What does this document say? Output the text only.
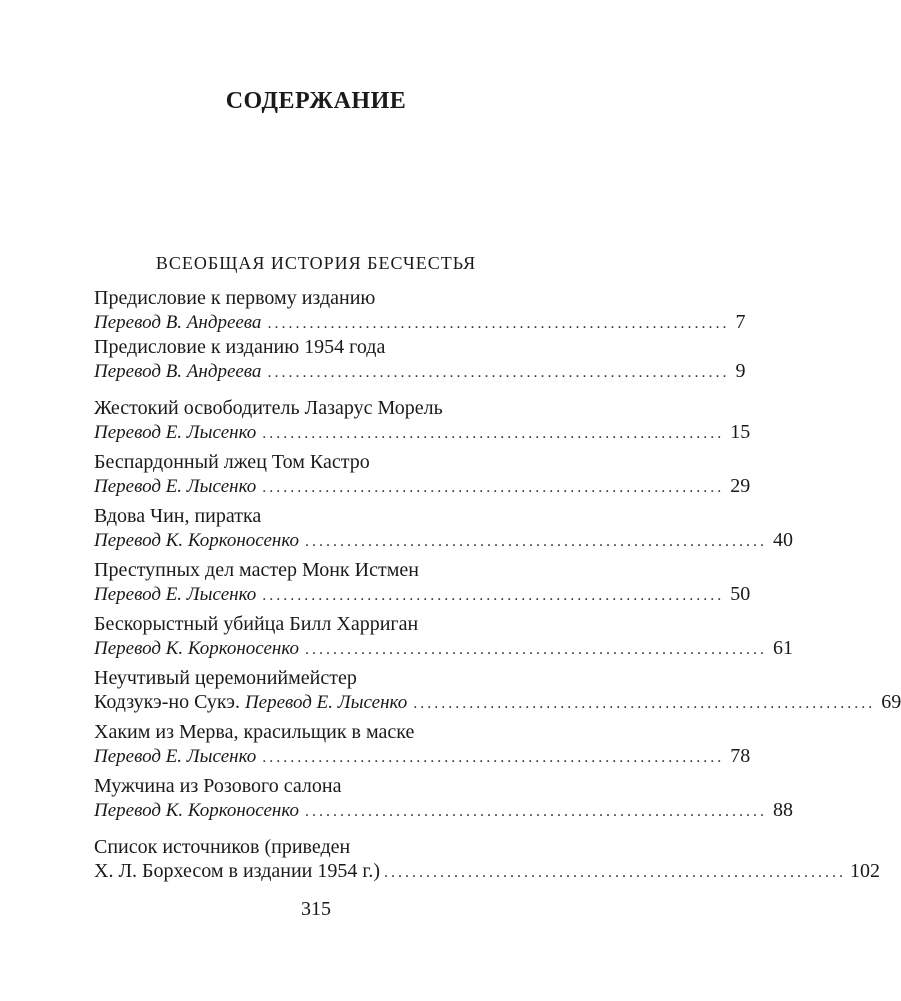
СОДЕРЖАНИЕ
ВСЕОБЩАЯ ИСТОРИЯ БЕСЧЕСТЬЯ
Предисловие к первому изданию
Перевод В. Андреева .................................................................. 7
Предисловие к изданию 1954 года
Перевод В. Андреева .................................................................. 9
Жестокий освободитель Лазарус Морель
Перевод Е. Лысенко .................................................................. 15
Беспардонный лжец Том Кастро
Перевод Е. Лысенко .................................................................. 29
Вдова Чин, пиратка
Перевод К. Корконосенко .................................................................. 40
Преступных дел мастер Монк Истмен
Перевод Е. Лысенко .................................................................. 50
Бескорыстный убийца Билл Харриган
Перевод К. Корконосенко .................................................................. 61
Неучтивый церемониймейстер
Кодзукэ-но Сукэ.
Перевод Е. Лысенко .................................................................. 69
Хаким из Мерва, красильщик в маске
Перевод Е. Лысенко .................................................................. 78
Мужчина из Розового салона
Перевод К. Корконосенко .................................................................. 88
Список источников (приведен
Х. Л. Борхесом в издании 1954 г.) .................................................................. 102
315
